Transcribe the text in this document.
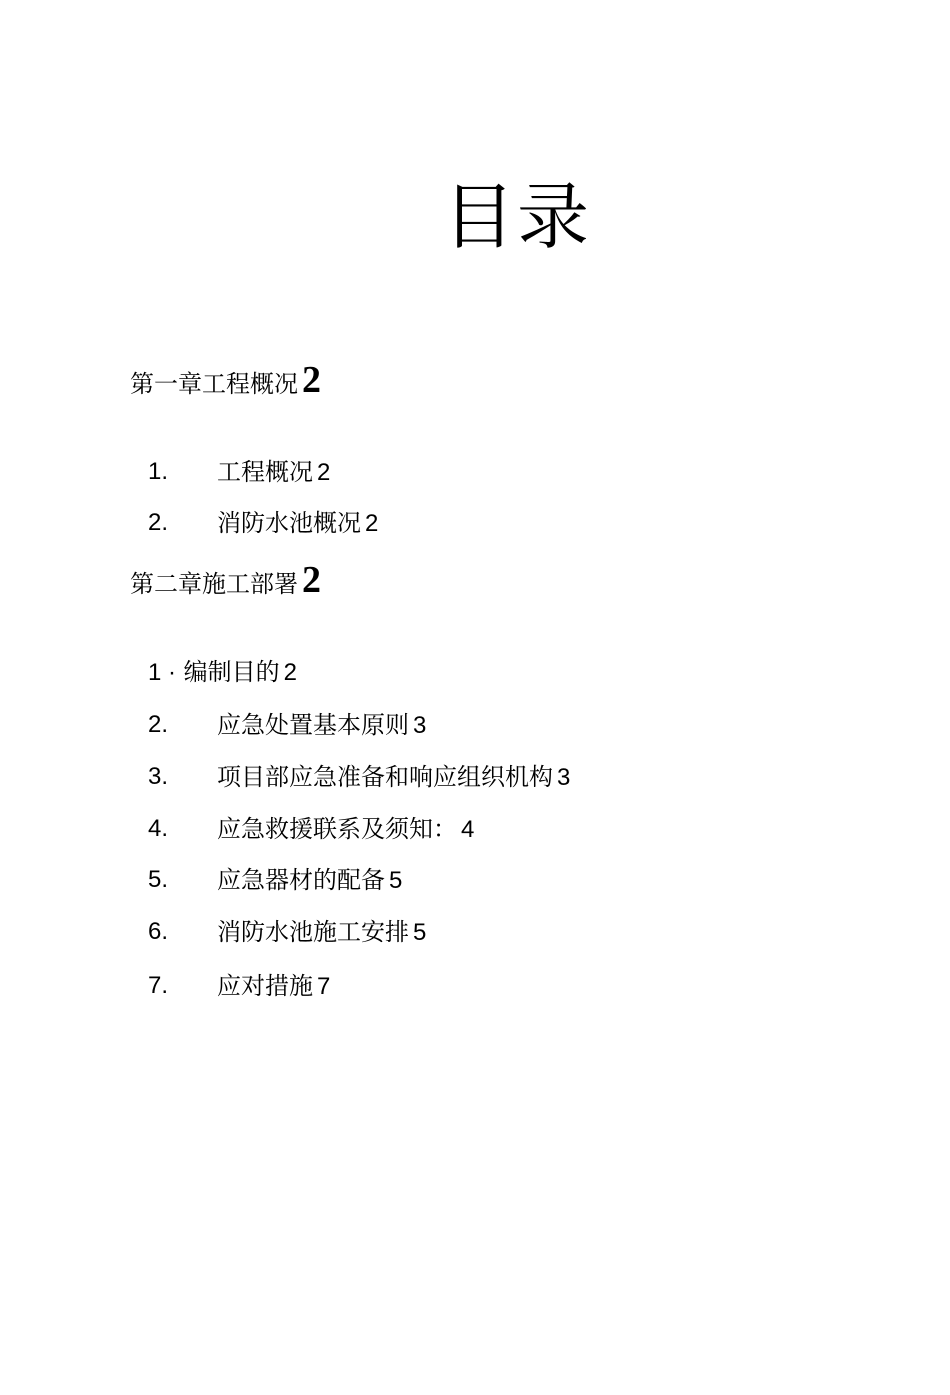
目录
第一章工程概况 2
1. 工程概况 2
2. 消防水池概况 2
第二章施工部署 2
1 · 编制目的 2
2. 应急处置基本原则 3
3. 项目部应急准备和响应组织机构 3
4. 应急救援联系及须知： 4
5. 应急器材的配备 5
6. 消防水池施工安排 5
7. 应对措施 7
